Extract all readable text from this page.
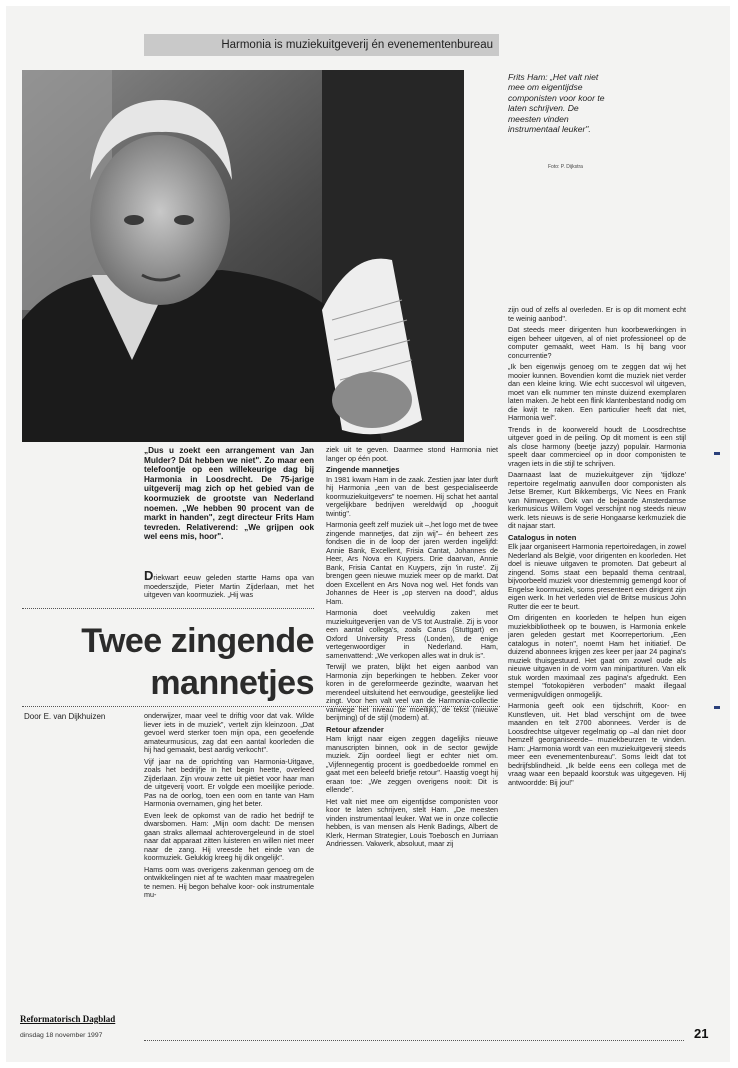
Harmonia is muziekuitgeverij én evenementenbureau
Frits Ham: „Het valt niet mee om eigentijdse componisten voor koor te laten schrijven. De meesten vinden instrumentaal leuker".
Foto: P. Dijkstra
„Dus u zoekt een arrangement van Jan Mulder? Dát hebben we niet". Zo maar een telefoontje op een willekeurige dag bij Harmonia in Loosdrecht. De 75-jarige uitgeverij mag zich op het gebied van de koormuziek de grootste van Nederland noemen. „We hebben 90 procent van de markt in handen", zegt directeur Frits Ham tevreden. Relativerend: „We grijpen ook wel eens mis, hoor".
Driekwart eeuw geleden startte Hams opa van moederszijde, Pieter Martin Zijderlaan, met het uitgeven van koormuziek. „Hij was
Twee zingende mannetjes
Door E. van Dijkhuizen	onderwijzer, maar veel te driftig voor dat vak. Wilde liever iets in de muziek", vertelt zijn kleinzoon. „Dat gevoel werd sterker toen mijn opa, een geoefende amateurmusicus, zag dat een aantal koorleden die hij had gemaakt, best aardig verkocht".

Vijf jaar na de oprichting van Harmonia-Uitgave, zoals het bedrijfje in het begin heette, overleed Zijderlaan. Zijn vrouw zette uit piëtiet voor haar man de uitgeverij voort. Er volgde een moeilijke periode. Pas na de oorlog, toen een oom en tante van Ham Harmonia overnamen, ging het beter.

Even leek de opkomst van de radio het bedrijf te dwarsbomen. Ham: „Mijn oom dacht: De mensen gaan straks allemaal achterovergeleund in de stoel naar dat apparaat zitten luisteren en willen niet meer naar de zang. Hij vreesde het einde van de koormuziek. Gelukkig kreeg hij dik ongelijk".

Hams oom was overigens zakenman genoeg om de ontwikkelingen niet af te wachten maar maatregelen te nemen. Hij begon behalve koor- ook instrumentale mu-

ziek uit te geven. Daarmee stond Harmonia niet langer op één poot.

Zingende mannetjes

In 1981 kwam Ham in de zaak. Zestien jaar later durft hij Harmonia „een van de best gespecialiseerde koormuziekuitgevers" te noemen. Hij schat het aantal vergelijkbare bedrijven wereldwijd op „hooguit twintig".

Harmonia geeft zelf muziek uit –,het logo met de twee zingende mannetjes, dat zijn wij"– én beheert zes fondsen die in de loop der jaren werden ingelijfd: Annie Bank, Excellent, Frisia Cantat, Johannes de Heer, Ars Nova en Kuypers. Drie daarvan, Annie Bank, Frisia Cantat en Kuypers, zijn 'in ruste'. Zij brengen geen nieuwe muziek meer op de markt. Dat doen Excellent en Ars Nova nog wel. Het fonds van Johannes de Heer is „op sterven na dood", aldus Ham.

Harmonia doet veelvuldig zaken met muziekuitgeverijen van de VS tot Australië. Zij is voor een aantal collega's, zoals Carus (Stuttgart) en Oxford University Press (Londen), de enige vertegenwoordiger in Nederland. Ham, samenvattend: „We verkopen alles wat in druk is".

Terwijl we praten, blijkt het eigen aanbod van Harmonia zijn beperkingen te hebben. Zeker voor koren in de gereformeerde gezindte, waarvan het merendeel uitsluitend het eenvoudige, geestelijke lied zingt. Voor hen valt veel van de Harmonia-collectie vanwege het niveau (te moeilijk), de tekst (nieuwe berijming) of de stijl (modern) af.

Retour afzender

Ham krijgt naar eigen zeggen dagelijks nieuwe manuscripten binnen, ook in de sector gewijde muziek. Zijn oordeel liegt er echter niet om. „Vijfennegentig procent is goedbedoelde rommel en gaat met een beleefd briefje retour". Haastig voegt hij eraan toe: „We zeggen overigens nooit: Dit is ellende".

Het valt niet mee om eigentijdse componisten voor koor te laten schrijven, stelt Ham. „De meesten vinden instrumentaal leuker. Wat we in onze collectie hebben, is van mensen als Henk Badings, Albert de Klerk, Herman Strategier, Louis Toebosch en Jurriaan Andriessen. Vakwerk, absoluut, maar zij

zijn oud of zelfs al overleden. Er is op dit moment echt te weinig aanbod".

Dat steeds meer dirigenten hun koorbewerkingen in eigen beheer uitgeven, al of niet professioneel op de computer gemaakt, weet Ham. Is hij bang voor concurrentie?

„Ik ben eigenwijs genoeg om te zeggen dat wij het mooier kunnen. Bovendien komt die muziek niet verder dan een kleine kring. Wie echt succesvol wil uitgeven, moet van elk nummer ten minste duizend exemplaren laten maken. Je hebt een flink klantenbestand nodig om die kwijt te raken. Een particulier heeft dat niet, Harmonia wel".

Trends in de koorwereld houdt de Loosdrechtse uitgever goed in de peiling. Op dit moment is een stijl als close harmony (beetje jazzy) populair. Harmonia speelt daar commercieel op in door componisten te vragen iets in die stijl te schrijven.

Daarnaast laat de muziekuitgever zijn 'tijdloze' repertoire regelmatig aanvullen door componisten als Jetse Bremer, Kurt Bikkembergs, Vic Nees en Frank van Nimwegen. Ook van de bejaarde Amsterdamse kerkmusicus Willem Vogel verschijnt nog steeds nieuw werk. Iets nieuws is de serie Hongaarse kerkmuziek die dit najaar start.

Catalogus in noten

Elk jaar organiseert Harmonia repertoiredagen, in zowel Nederland als België, voor dirigenten en koorleden. Het doel is nieuwe uitgaven te promoten. Dat gebeurt al zingend. Soms staat een bepaald thema centraal, bijvoorbeeld muziek voor driestemmig gemengd koor of Engelse koormuziek, soms presenteert een dirigent zijn eigen werk. In het verleden viel de Britse musicus John Rutter die eer te beurt.

Om dirigenten en koorleden te helpen hun eigen muziekbibliotheek op te bouwen, is Harmonia enkele jaren geleden gestart met Koorrepertorium. „Een catalogus in noten", noemt Ham het initiatief. De duizend abonnees krijgen zes keer per jaar 24 pagina's muziek thuisgestuurd. Het gaat om zowel oude als nieuwe uitgaven in de vorm van minipartituren. Van elk stuk worden maximaal zes pagina's afgedrukt. Een stempel "fotokopiëren verboden" maakt illegaal vermenigvuldigen onmogelijk.

Harmonia geeft ook een tijdschrift, Koor- en Kunstleven, uit. Het blad verschijnt om de twee maanden en telt 2700 abonnees. Verder is de Loosdrechtse uitgever regelmatig op –al dan niet door hemzelf georganiseerde– muziekbeurzen te vinden. Ham: „Harmonia wordt van een muziekuitgeverij steeds meer een evenementenbureau". Soms leidt dat tot bedrijfsblindheid. „Ik belde eens een collega met de vraag waar een bepaald koorstuk was uitgegeven. Hij antwoordde: Bij jou!"

Reformatorisch Dagblad
dinsdag 18 november 1997	21
